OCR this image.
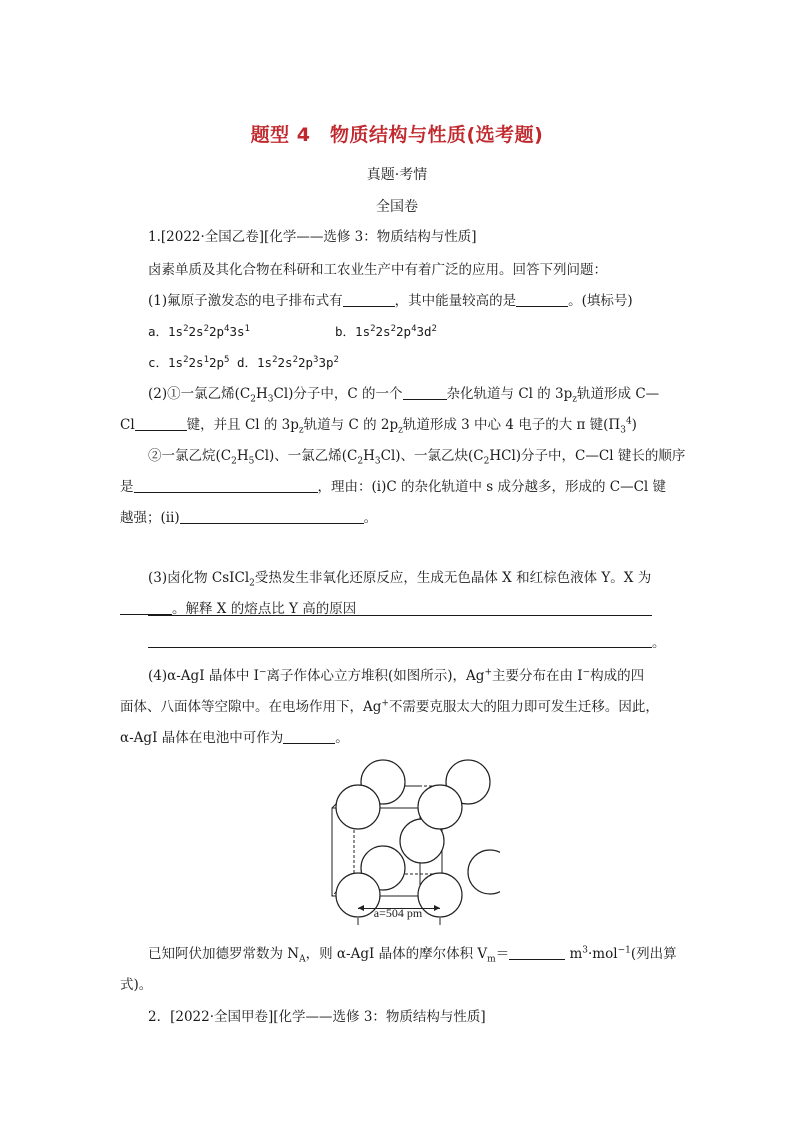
题型 4　物质结构与性质(选考题)
真题·考情
全国卷
1.[2022·全国乙卷][化学——选修 3：物质结构与性质]
卤素单质及其化合物在科研和工农业生产中有着广泛的应用。回答下列问题：
(1)氟原子激发态的电子排布式有	，其中能量较高的是	。(填标号)
a．$1s^22s^22p^43s^1$	b．$1s^22s^22p^43d^2$
c．$1s^22s^12p^5$ d．$1s^22s^22p^33p^2$
(2)①一氯乙烯$(C_2H_3Cl)$分子中，C 的一个	杂化轨道与 Cl 的 $3p_z$轨道形成 C—
Cl	键，并且 Cl 的 $3p_z$轨道与 C 的 $2p_z$轨道形成 3 中心 4 电子的大 π 键$(\Pi_3^4)$
②一氯乙烷$(C_2H_5Cl)$、一氯乙烯$(C_2H_3Cl)$、一氯乙炔$(C_2HCl)$分子中，C—Cl 键长的顺序
是	，理由：(ⅰ)C 的杂化轨道中 s 成分越多，形成的 C—Cl 键
越强；(ⅱ)	。
(3)卤化物 CsICl$_2$受热发生非氧化还原反应，生成无色晶体 X 和红棕色液体 Y。X 为
。解释 X 的熔点比 Y 高的原因
。
(4)α-AgI 晶体中 I−离子作体心立方堆积(如图所示)，Ag+主要分布在由 I−构成的四
面体、八面体等空隙中。在电场作用下，Ag+不需要克服太大的阻力即可发生迁移。因此，
α-AgI 晶体在电池中可作为	。
a=504 pm
已知阿伏加德罗常数为 $N_A$，则 α-AgI 晶体的摩尔体积 $V_m=$	$m^3\cdot mol^{-1}$(列出算
式)。
2．[2022·全国甲卷][化学——选修 3：物质结构与性质]
